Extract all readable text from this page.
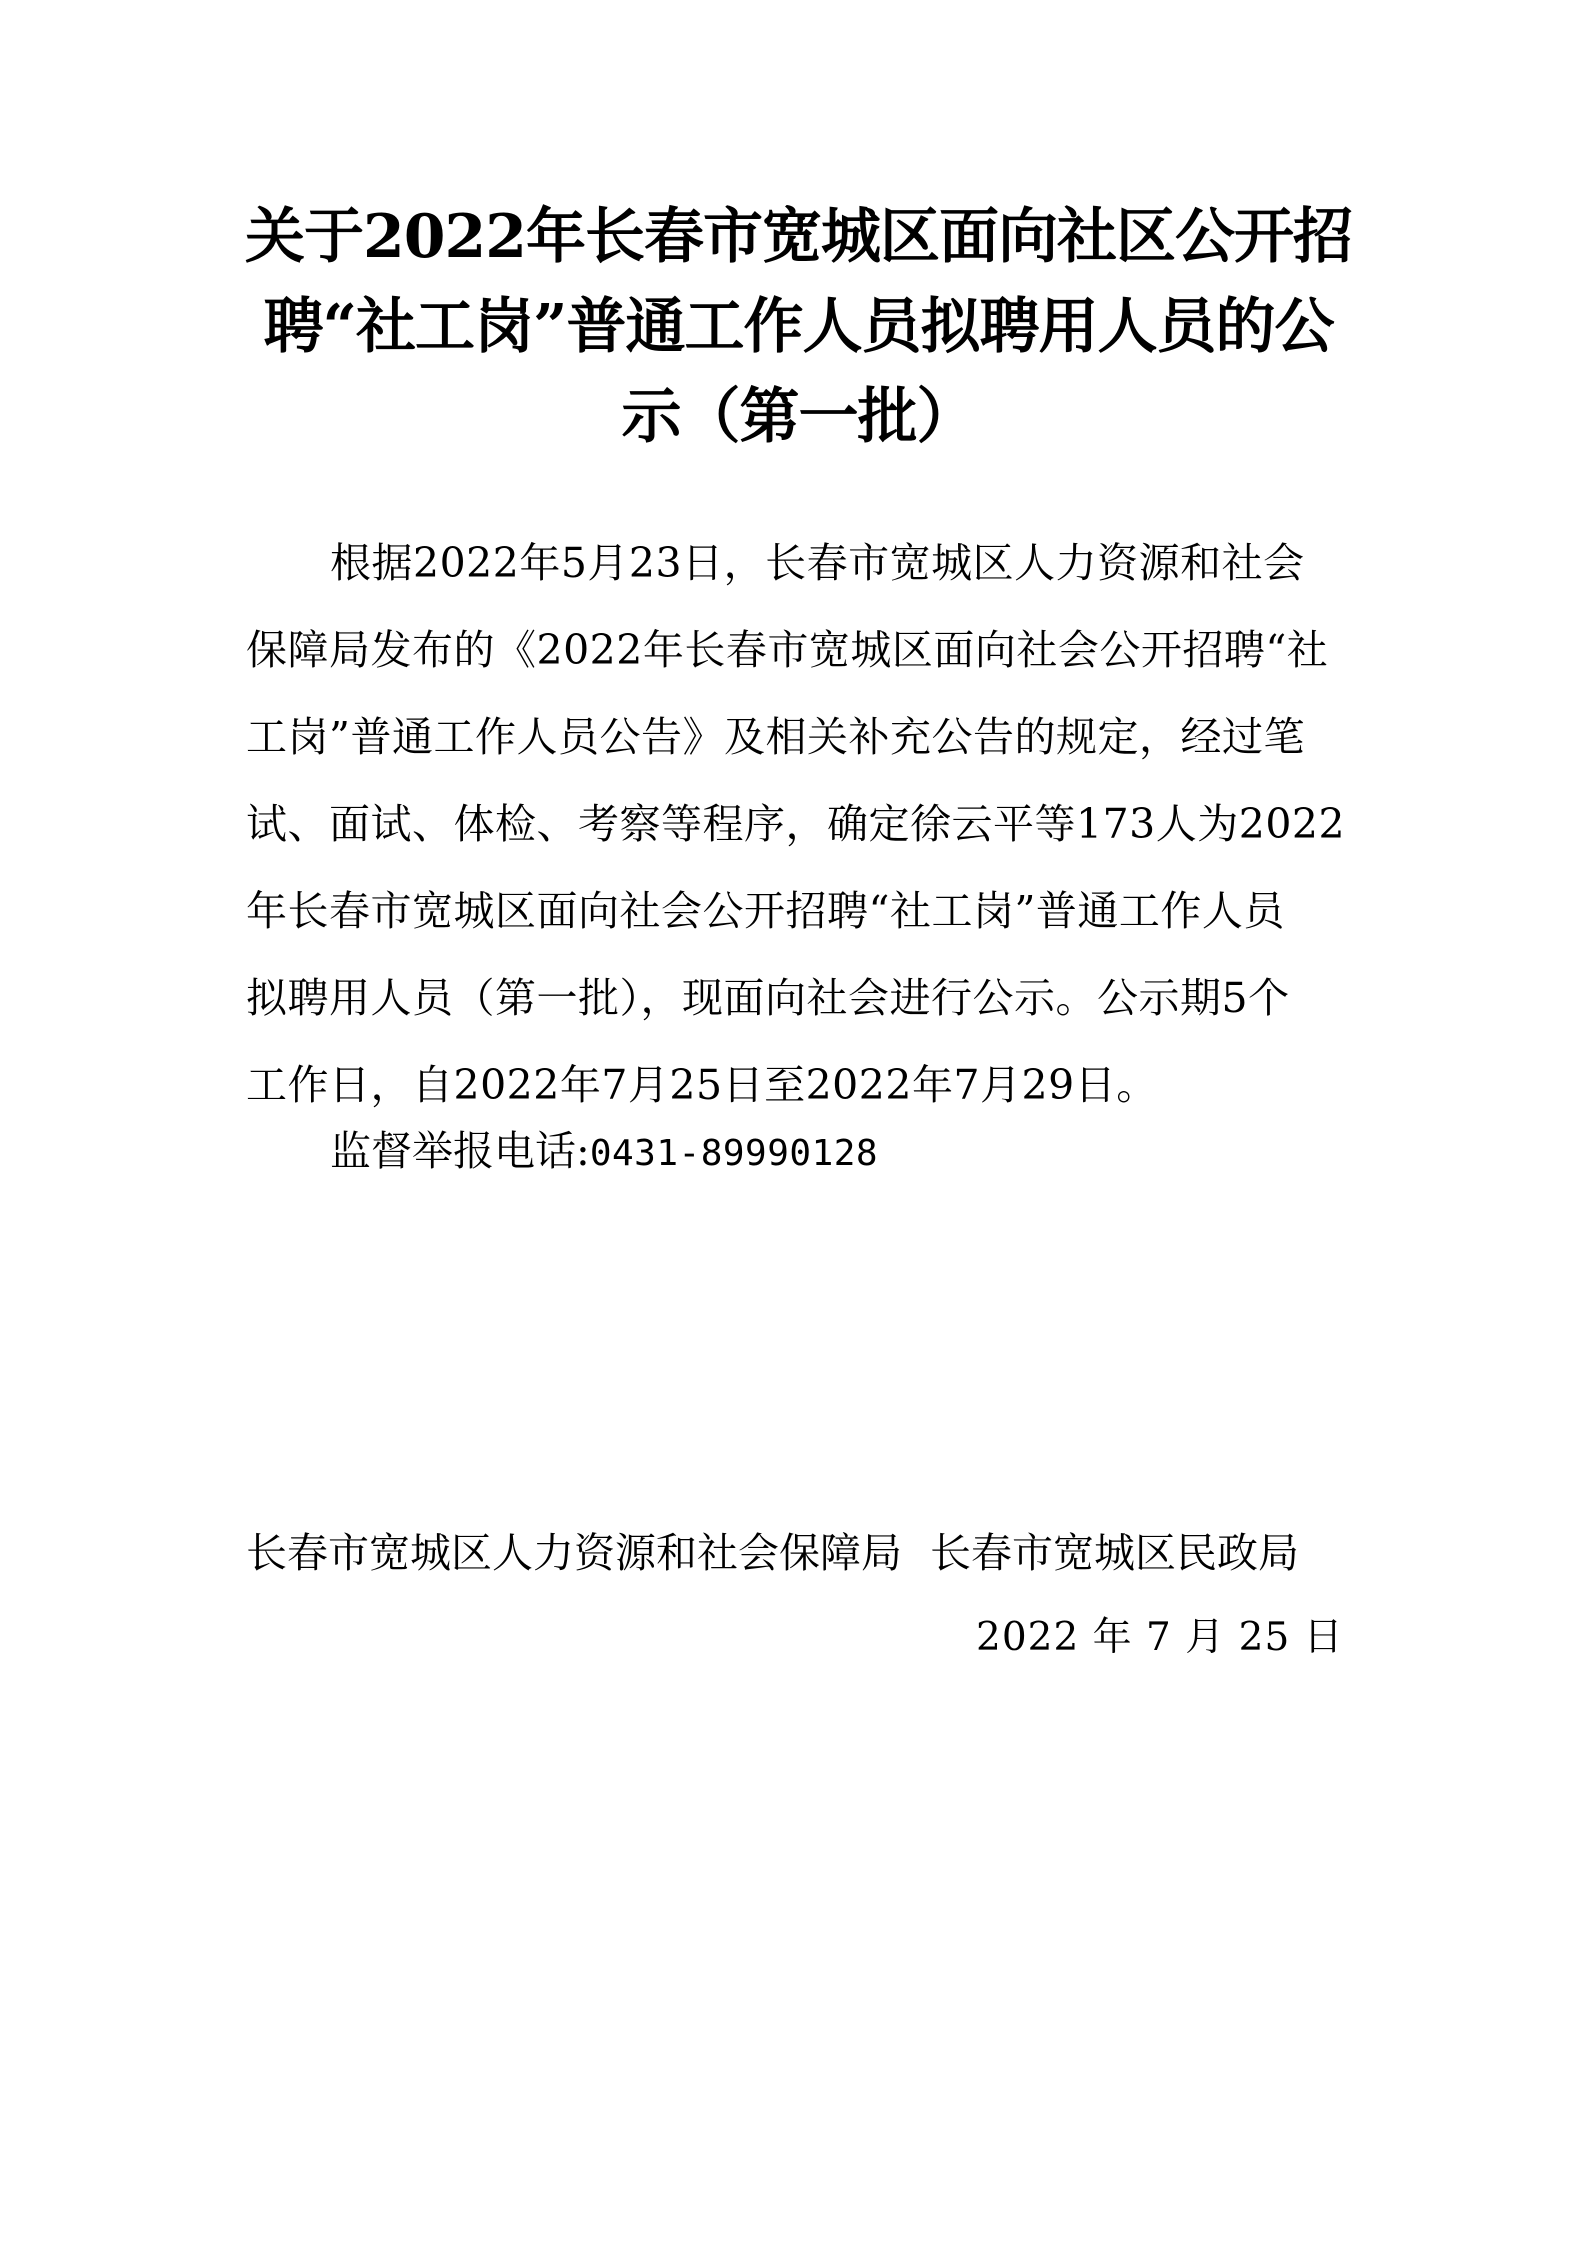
关于2022年长春市宽城区面向社区公开招
聘“社工岗”普通工作人员拟聘用人员的公
示（第一批）
根据2022年5月23日，长春市宽城区人力资源和社会
保障局发布的《2022年长春市宽城区面向社会公开招聘“社
工岗”普通工作人员公告》及相关补充公告的规定，经过笔
试、面试、体检、考察等程序，确定徐云平等173人为2022
年长春市宽城区面向社会公开招聘“社工岗”普通工作人员
拟聘用人员（第一批），现面向社会进行公示。公示期5个
工作日，自2022年7月25日至2022年7月29日。

监督举报电话:0431-89990128

长春市宽城区人力资源和社会保障局 长春市宽城区民政局

2022 年 7 月 25 日
